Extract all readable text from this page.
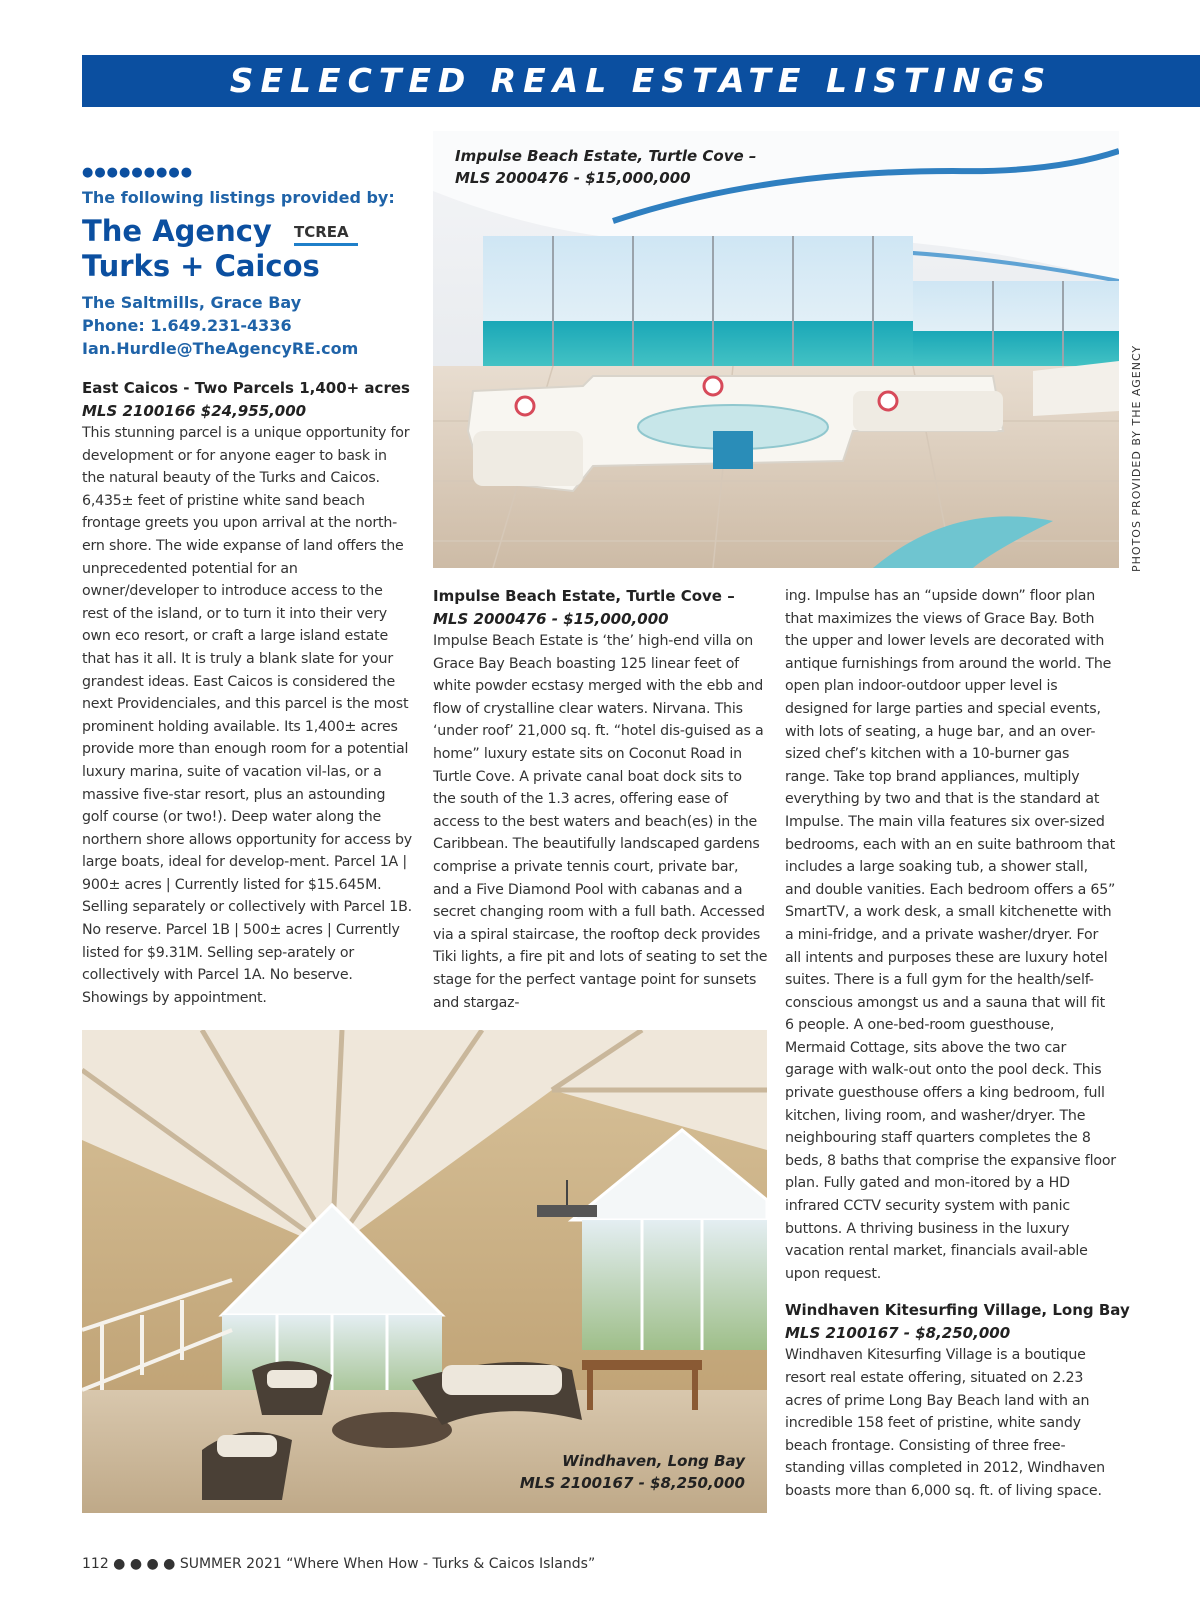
SELECTED REAL ESTATE LISTINGS
PHOTOS PROVIDED BY THE AGENCY
●●●●●●●●●
The following listings provided by:
The Agency
Turks + Caicos
TCREA
The Saltmills, Grace Bay
Phone: 1.649.231-4336
Ian.Hurdle@TheAgencyRE.com
East Caicos - Two Parcels 1,400+ acres
MLS 2100166 $24,955,000
This stunning parcel is a unique opportunity for development or for anyone eager to bask in the natural beauty of the Turks and Caicos. 6,435± feet of pristine white sand beach frontage greets you upon arrival at the north-ern shore. The wide expanse of land offers the unprecedented potential for an owner/developer to introduce access to the rest of the island, or to turn it into their very own eco resort, or craft a large island estate that has it all. It is truly a blank slate for your grandest ideas. East Caicos is considered the next Providenciales, and this parcel is the most prominent holding available. Its 1,400± acres provide more than enough room for a potential luxury marina, suite of vacation vil-las, or a massive five-star resort, plus an astounding golf course (or two!). Deep water along the northern shore allows opportunity for access by large boats, ideal for develop-ment. Parcel 1A | 900± acres | Currently listed for $15.645M. Selling separately or collectively with Parcel 1B. No reserve. Parcel 1B | 500± acres | Currently listed for $9.31M. Selling sep-arately or collectively with Parcel 1A. No beserve. Showings by appointment.
Impulse Beach Estate, Turtle Cove –
MLS 2000476 - $15,000,000
Impulse Beach Estate, Turtle Cove –
MLS 2000476 - $15,000,000
Impulse Beach Estate is ‘the’ high-end villa on Grace Bay Beach boasting 125 linear feet of white powder ecstasy merged with the ebb and flow of crystalline clear waters. Nirvana. This ‘under roof’ 21,000 sq. ft. “hotel dis-guised as a home” luxury estate sits on Coconut Road in Turtle Cove. A private canal boat dock sits to the south of the 1.3 acres, offering ease of access to the best waters and beach(es) in the Caribbean. The beautifully landscaped gardens comprise a private tennis court, private bar, and a Five Diamond Pool with cabanas and a secret changing room with a full bath. Accessed via a spiral staircase, the rooftop deck provides Tiki lights, a fire pit and lots of seating to set the stage for the perfect vantage point for sunsets and stargaz-
ing. Impulse has an “upside down” floor plan that maximizes the views of Grace Bay. Both the upper and lower levels are decorated with antique furnishings from around the world. The open plan indoor-outdoor upper level is designed for large parties and special events, with lots of seating, a huge bar, and an over-sized chef’s kitchen with a 10-burner gas range. Take top brand appliances, multiply everything by two and that is the standard at Impulse. The main villa features six over-sized bedrooms, each with an en suite bathroom that includes a large soaking tub, a shower stall, and double vanities. Each bedroom offers a 65” SmartTV, a work desk, a small kitchenette with a mini-fridge, and a private washer/dryer. For all intents and purposes these are luxury hotel suites. There is a full gym for the health/self-conscious amongst us and a sauna that will fit 6 people. A one-bed-room guesthouse, Mermaid Cottage, sits above the two car garage with walk-out onto the pool deck. This private guesthouse offers a king bedroom, full kitchen, living room, and washer/dryer. The neighbouring staff quarters completes the 8 beds, 8 baths that comprise the expansive floor plan. Fully gated and mon-itored by a HD infrared CCTV security system with panic buttons. A thriving business in the luxury vacation rental market, financials avail-able upon request.
Windhaven Kitesurfing Village, Long Bay
MLS 2100167 - $8,250,000
Windhaven Kitesurfing Village is a boutique resort real estate offering, situated on 2.23 acres of prime Long Bay Beach land with an incredible 158 feet of pristine, white sandy beach frontage. Consisting of three free-standing villas completed in 2012, Windhaven boasts more than 6,000 sq. ft. of living space.
Windhaven, Long Bay
MLS 2100167 - $8,250,000
112 ● ● ● ● SUMMER 2021 “Where When How - Turks & Caicos Islands”
